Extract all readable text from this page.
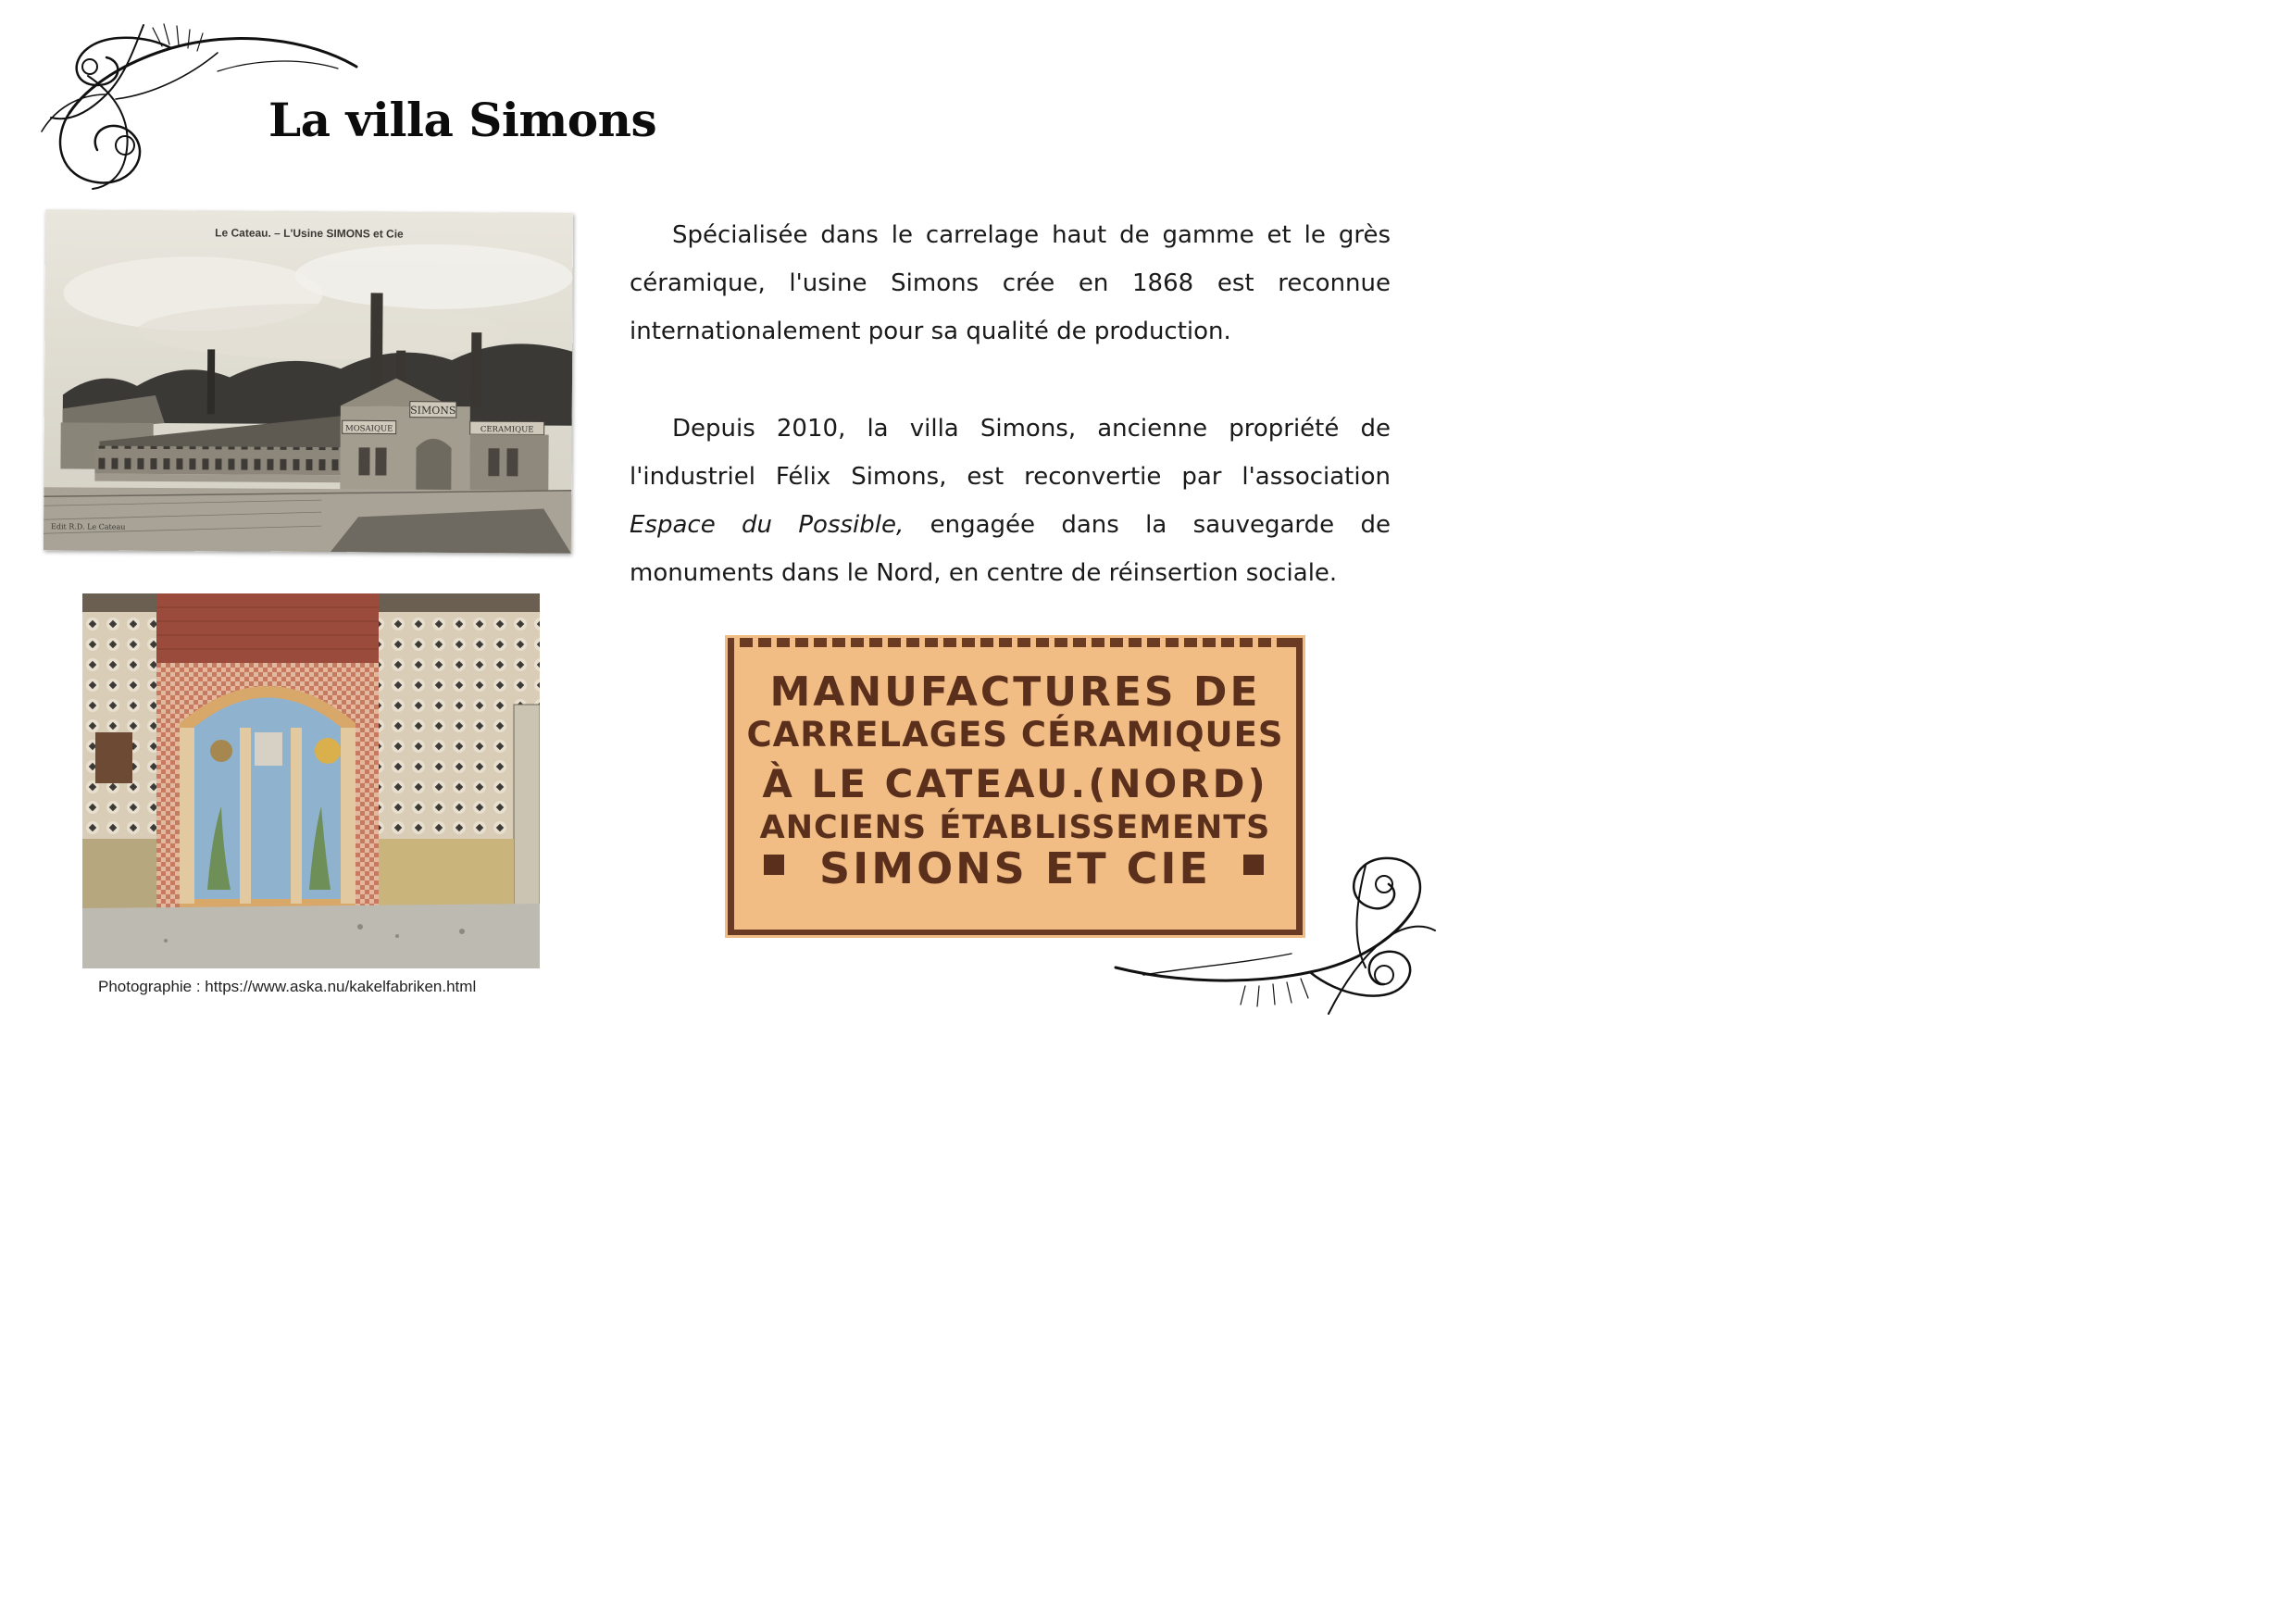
La villa Simons
Le Cateau. – L'Usine SIMONS et Cie
SIMONS
MOSAIQUE	CERAMIQUE
Edit R.D. Le Cateau

Spécialisée dans le carrelage haut de gamme et le grès céramique, l'usine Simons crée en 1868 est reconnue internationalement pour sa qualité de production.

Depuis 2010, la villa Simons, ancienne propriété de l'industriel Félix Simons, est reconvertie par l'association Espace du Possible, engagée dans la sauvegarde de monuments dans le Nord, en centre de réinsertion sociale.

Photographie : https://www.aska.nu/kakelfabriken.html

MANUFACTURES DE

CARRELAGES CÉRAMIQUES

À LE CATEAU.(NORD)

ANCIENS ÉTABLISSEMENTS

SIMONS ET CIE
